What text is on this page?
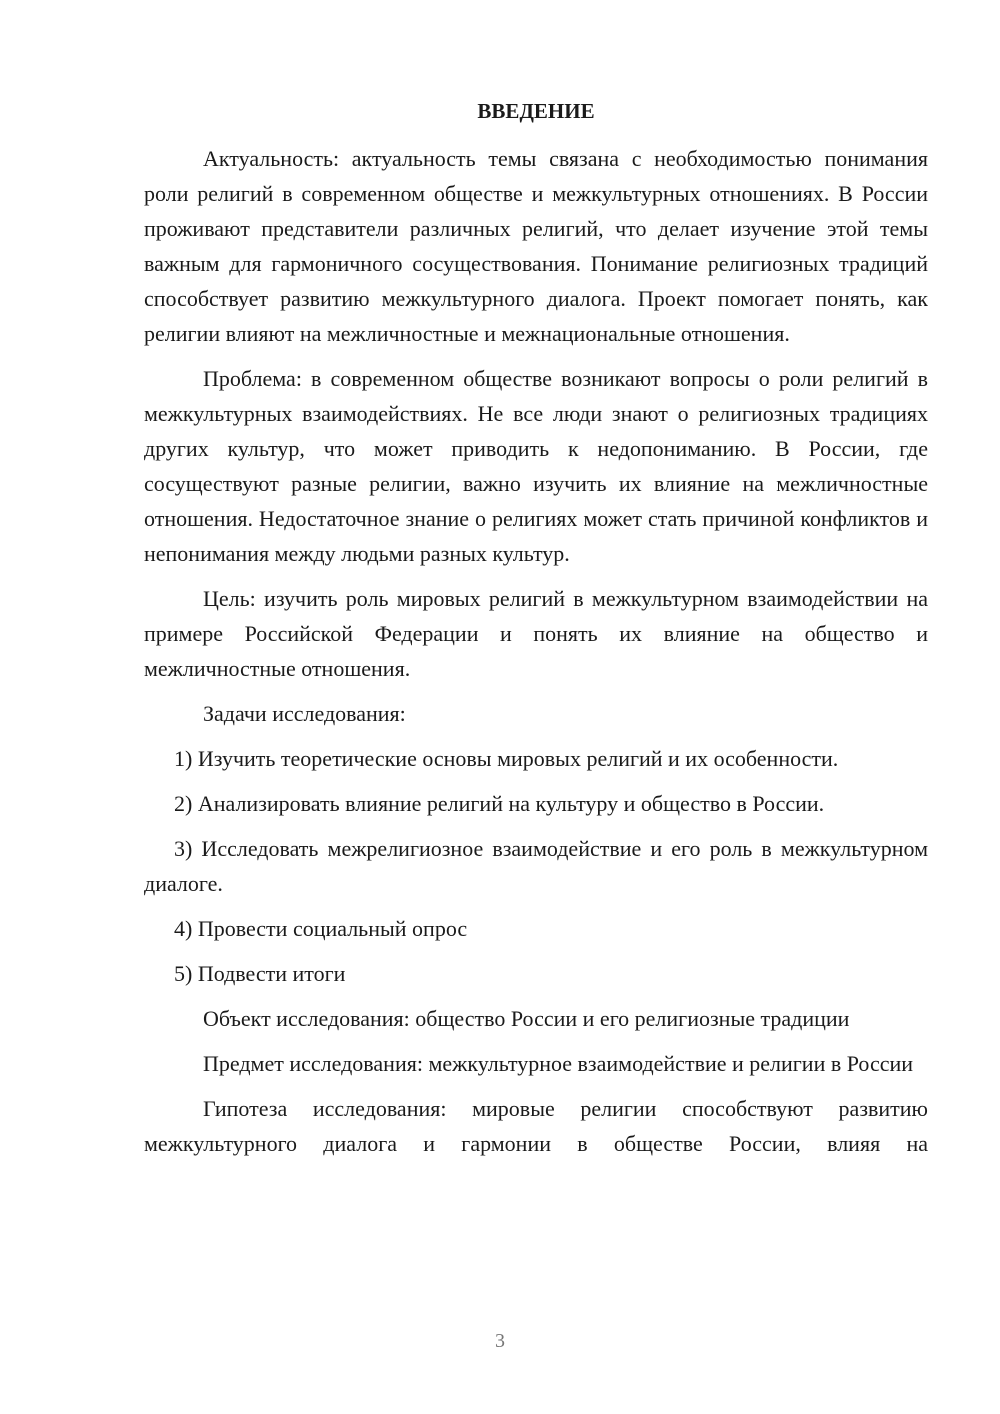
ВВЕДЕНИЕ

Актуальность: актуальность темы связана с необходимостью понимания роли религий в современном обществе и межкультурных отношениях. В России проживают представители различных религий, что делает изучение этой темы важным для гармоничного сосуществования. Понимание религиозных традиций способствует развитию межкультурного диалога. Проект помогает понять, как религии влияют на межличностные и межнациональные отношения.

Проблема: в современном обществе возникают вопросы о роли религий в межкультурных взаимодействиях. Не все люди знают о религиозных традициях других культур, что может приводить к недопониманию. В России, где сосуществуют разные религии, важно изучить их влияние на межличностные отношения. Недостаточное знание о религиях может стать причиной конфликтов и непонимания между людьми разных культур.

Цель: изучить роль мировых религий в межкультурном взаимодействии на примере Российской Федерации и понять их влияние на общество и межличностные отношения.

Задачи исследования:

1) Изучить теоретические основы мировых религий и их особенности.

2) Анализировать влияние религий на культуру и общество в России.

3) Исследовать межрелигиозное взаимодействие и его роль в межкультурном диалоге.

4) Провести социальный опрос

5) Подвести итоги

Объект исследования: общество России и его религиозные традиции

Предмет исследования: межкультурное взаимодействие и религии в России

Гипотеза исследования: мировые религии способствуют развитию межкультурного диалога и гармонии в обществе России, влияя на

3
